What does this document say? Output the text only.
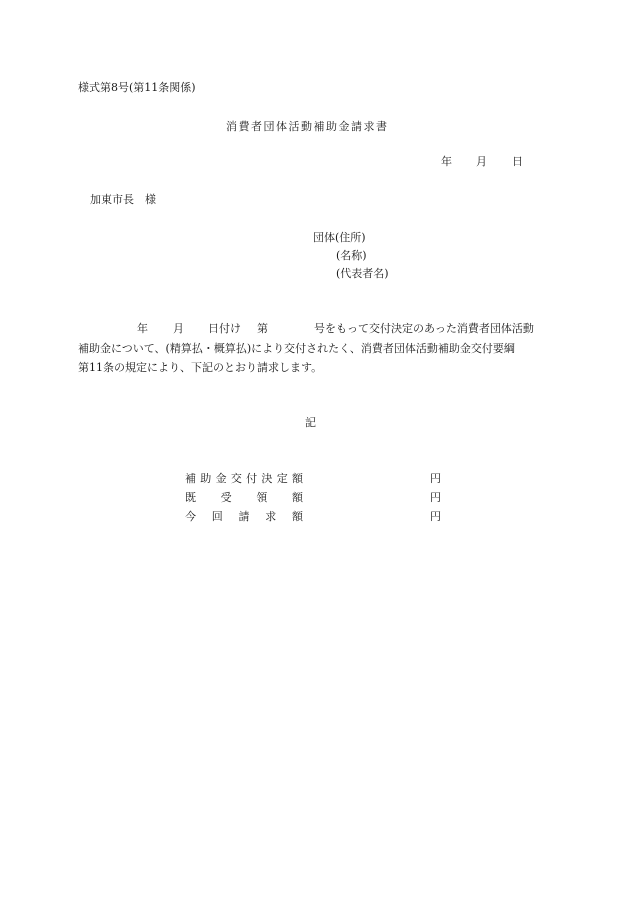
様式第8号(第11条関係)
消費者団体活動補助金請求書
年 月 日
加東市長　様
団体(住所)
(名称)
(代表者名)
年 月 日付け 第	号をもって交付決定のあった消費者団体活動
補助金について、(精算払・概算払)により交付されたく、消費者団体活動補助金交付要綱
第11条の規定により、下記のとおり請求します。
記
補 助 金 交 付 決 定 額	円
既 受 領 額	円
今 回 請 求 額	円
